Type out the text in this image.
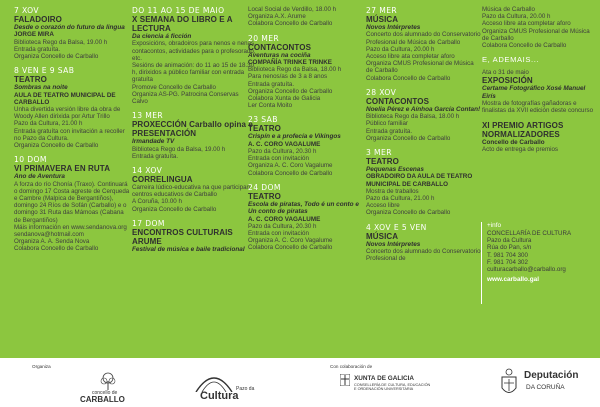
7 XOV
FALADOIRO
Desde o corazón do futuro da lingua
JORGE MIRA
Biblioteca Rego da Balsa, 19.00 h
Entrada gratuíta.
Organiza Concello de Carballo
8 VEN E 9 SAB
TEATRO
Sombras na noite
AULA DE TEATRO MUNICIPAL DE CARBALLO
Unha divertida versión libre da obra de Woody Allen dirixida por Artur Trillo
Pazo da Cultura, 21.00 h
Entrada gratuíta con invitación a recoller no Pazo da Cultura.
Organiza Concello de Carballo
10 DOM
VI PRIMAVERA EN RUTA
Ano de Aventura
A forza do río Chonía (Traxo). Continuará o domingo 17 Costa agreste de Cerqueda e Cambre (Malpica de Bergantiños), domingo 24 Ríos de Sofán (Carballo) e o domingo 31 Ruta das Mámoas (Cabana de Bergantiños)
Máis información en www.sendanova.org
sendanova@hotmail.com
Organiza A. A. Senda Nova
Colabora Concello de Carballo
DO 11 AO 15 DE MAIO
X SEMANA DO LIBRO E A LECTURA
Da ciencia á ficción
Exposicións, obradoiros para nenos e nenas, contacontos, actividades para o profesorado, etc.
Sesións de animación: do 11 ao 15 de 18.30 h, dirixidos a público familiar con entrada gratuíta
Promove Concello de Carballo
Organiza AS-PG. Patrocina Conservas Calvo
13 MER
PROXECCIÓN Carballo opina e PRESENTACIÓN
Irmandade TV
Biblioteca Rego da Balsa, 19.00 h
Entrada gratuíta.
14 XOV
CORRELINGUA
Carreira lúdico-educativa na que participan centros educativos de Carballo
A Coruña, 10.00 h
Organiza Concello de Carballo
17 DOM
ENCONTROS CULTURAIS ARUME
Festival de música e baile tradicional
Local Social de Verdillo, 18.00 h
Organiza A.X. Arume
Colabora Concello de Carballo
20 MER
CONTACONTOS
Aventuras na cociña
COMPAÑÍA TRINKE TRINKE
Biblioteca Rego da Balsa, 18.00 h
Para nenos/as de 3 a 8 anos
Entrada gratuíta.
Organiza Concello de Carballo
Colabora Xunta de Galicia
Ler Conta Moito
23 SAB
TEATRO
Crispín e a profecía e Vikingos
A. C. CORO VAGALUME
Pazo da Cultura, 20.30 h
Entrada con invitación
Organiza A. C. Coro Vagalume
Colabora Concello de Carballo
24 DOM
TEATRO
Escola de piratas, Todo é un conto e Un conto de piratas
A. C. CORO VAGALUME
Pazo da Cultura, 20.30 h
Entrada con invitación
Organiza A. C. Coro Vagalume
Colabora Concello de Carballo
27 MER
MÚSICA
Novos Intérpretes
Concerto dos alumnado do Conservatorio Profesional de Música de Carballo
Pazo da Cultura, 20.00 h
Acceso libre ata completar aforo
Organiza CMUS Profesional de Música de Carballo
Colabora Concello de Carballo
28 XOV
CONTACONTOS
Noelia Pérez e Aínhoa García Contan!
Biblioteca Rego da Balsa, 18.00 h
Público familiar
Entrada gratuíta.
Organiza Concello de Carballo
3 MER
TEATRO
Pequenas Escenas
OBRADOIRO DA AULA DE TEATRO MUNICIPAL DE CARBALLO
Mostra de traballos
Pazo da Cultura, 21.00 h
Acceso libre
Organiza Concello de Carballo
4 XOV E 5 VEN
MÚSICA
Novos Intérpretes
Concerto dos alumnado do Conservatorio Profesional de
Música de Carballo
Pazo da Cultura, 20.00 h
Acceso libre ata completar aforo
Organiza CMUS Profesional de Música de Carballo
Colabora Concello de Carballo
E, ADEMAIS...
Ata o 31 de maio
EXPOSICIÓN
Certame Fotográfico Xosé Manuel Eirís
Mostra de fotografías gañadoras e finalistas da XVII edición deste concurso
XI PREMIO ARTIGOS NORMALIZADORES
Concello de Carballo
Acto de entrega de premios
+info
CONCELLARÍA DE CULTURA
Pazo da Cultura
Rúa do Pan, s/n
T. 981 704 300
F. 981 704 302
culturacarballo@carballo.org
www.carballo.gal
Organiza	Con colaboración de
concello de
CARBALLO
Pazo da
Cultura
XUNTA DE GALICIA
CONSELLERÍA DE CULTURA, EDUCACIÓN
E ORDENACIÓN UNIVERSITARIA
Deputación
DA CORUÑA
